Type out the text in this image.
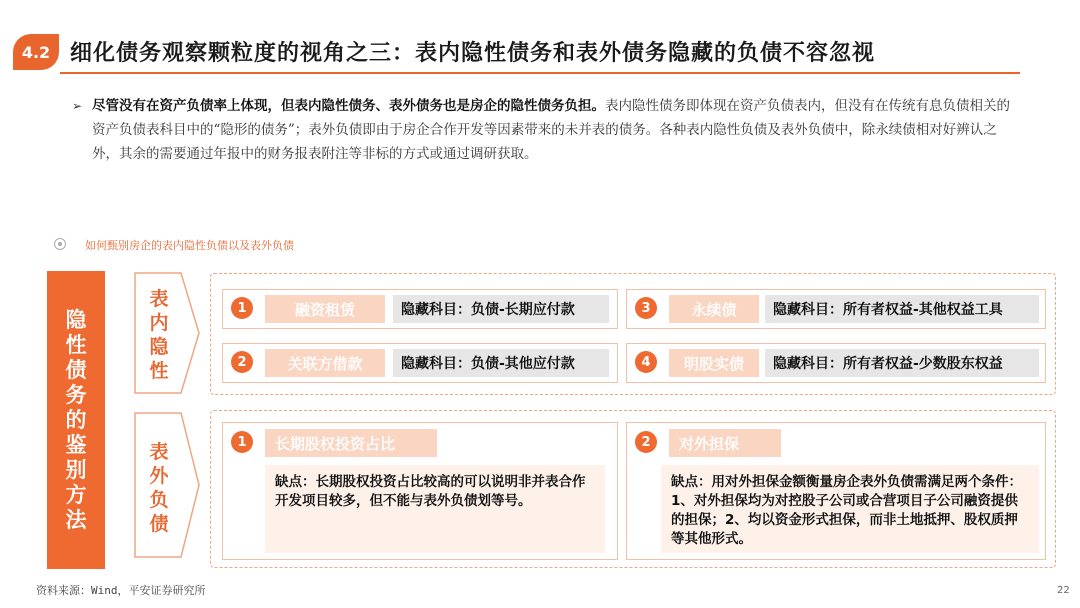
4.2 细化债务观察颗粒度的视角之三：表内隐性债务和表外债务隐藏的负债不容忽视
➢ 尽管没有在资产负债率上体现，但表内隐性债务、表外债务也是房企的隐性债务负担。表内隐性债务即体现在资产负债表内，但没有在传统有息负债相关的资产负债表科目中的“隐形的债务”；表外负债即由于房企合作开发等因素带来的未并表的债务。各种表内隐性负债及表外负债中，除永续债相对好辨认之外，其余的需要通过年报中的财务报表附注等非标的方式或通过调研获取。
如何甄别房企的表内隐性负债以及表外负债
隐
性
债
务
的
鉴
别
方
法
表
内
隐
性
表
外
负
债
1	融资租赁	隐藏科目：负债-长期应付款
2	关联方借款	隐藏科目：负债-其他应付款
3	永续债	隐藏科目：所有者权益-其他权益工具
4	明股实债	隐藏科目：所有者权益-少数股东权益
1	长期股权投资占比
缺点：长期股权投资占比较高的可以说明非并表合作开发项目较多，但不能与表外负债划等号。
2	对外担保
缺点：用对外担保金额衡量房企表外负债需满足两个条件：1、对外担保均为对控股子公司或合营项目子公司融资提供的担保；2、均以资金形式担保，而非土地抵押、股权质押等其他形式。
资料来源：Wind，平安证券研究所	22
